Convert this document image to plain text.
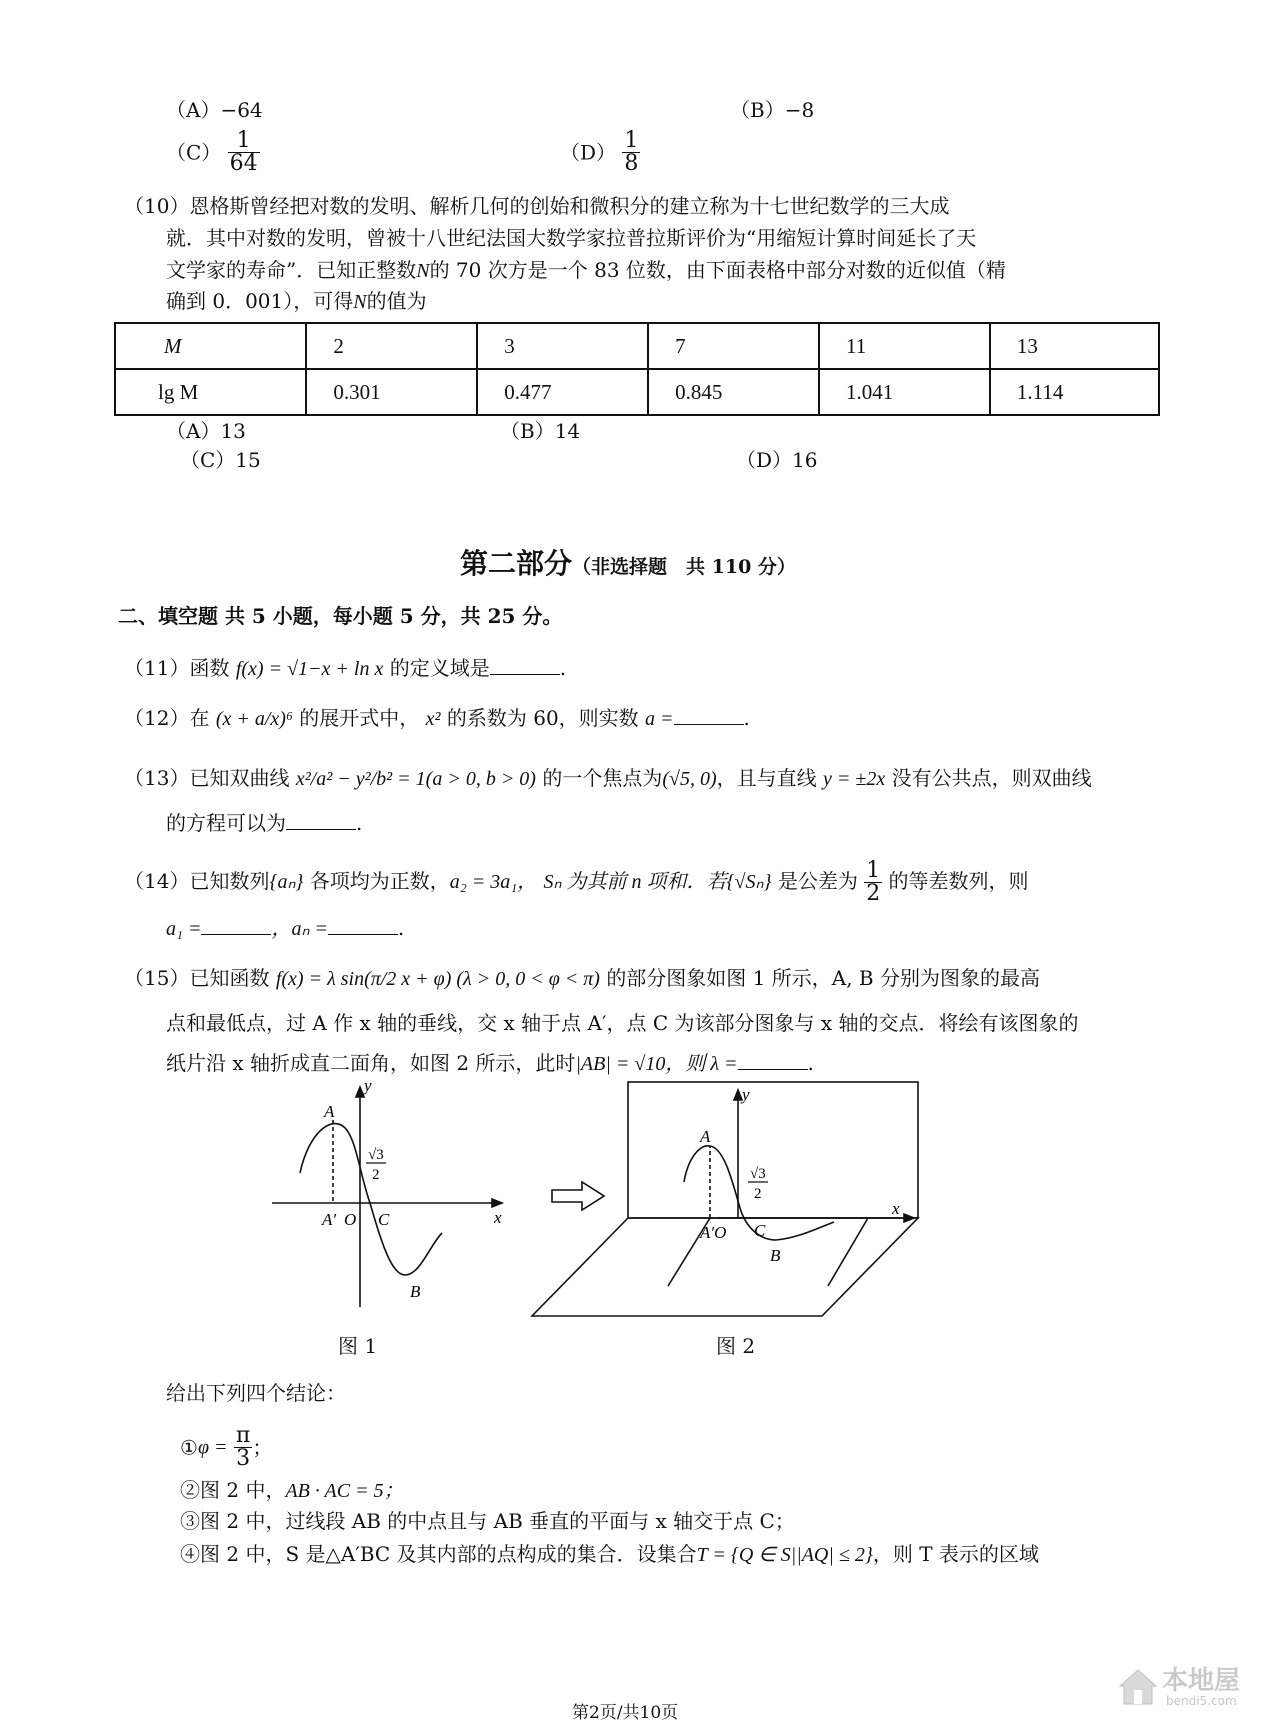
（A）−64	（B）−8
$(C) \frac{1}{64}$	$(D) \frac{1}{8}$
（10）恩格斯曾经把对数的发明、解析几何的创始和微积分的建立称为十七世纪数学的三大成
就．其中对数的发明，曾被十八世纪法国大数学家拉普拉斯评价为“用缩短计算时间延长了天
文学家的寿命”．已知正整数N的 70 次方是一个 83 位数，由下面表格中部分对数的近似值（精
确到 0．001），可得N的值为
M	2	3	7	11	13
lg M	0.301	0.477	0.845	1.041	1.114
（A）13	（B）14
（C）15	（D）16
第二部分（非选择题　共 110 分）
二、填空题 共 5 小题，每小题 5 分，共 25 分。
（11）函数 f(x) = √1−x + ln x 的定义域是	.
（12）在 (x + a/x)⁶ 的展开式中， x² 的系数为 60，则实数 a =	.
（13）已知双曲线 x²/a² − y²/b² = 1(a > 0, b > 0) 的一个焦点为(√5, 0)，且与直线 y = ±2x 没有公共点，则双曲线
的方程可以为	.
（14）已知数列{aₙ} 各项均为正数，a₂ = 3a₁， Sₙ 为其前 n 项和．若{√Sₙ} 是公差为 $\frac{1}{2}$ 的等差数列，则
a₁ =	，aₙ =	.
（15）已知函数 f(x) = λ sin(π/2 x + φ) (λ > 0, 0 < φ < π) 的部分图象如图 1 所示，A, B 分别为图象的最高
点和最低点，过 A 作 x 轴的垂线，交 x 轴于点 A′，点 C 为该部分图象与 x 轴的交点．将绘有该图象的
纸片沿 x 轴折成直二面角，如图 2 所示，此时|AB| = √10，则 λ =	.
y
x
A
A′ O C
B
√3
2
图 1
y
x
A
A′O C
B
√3
2
图 2
给出下列四个结论：
①φ = $\frac{\pi}{3}$ ；
②图 2 中，AB · AC = 5；
③图 2 中，过线段 AB 的中点且与 AB 垂直的平面与 x 轴交于点 C；
④图 2 中，S 是△A′BC 及其内部的点构成的集合．设集合T = {Q ∈ S||AQ| ≤ 2}，则 T 表示的区域
第2页/共10页
本地屋
bendi5.com
